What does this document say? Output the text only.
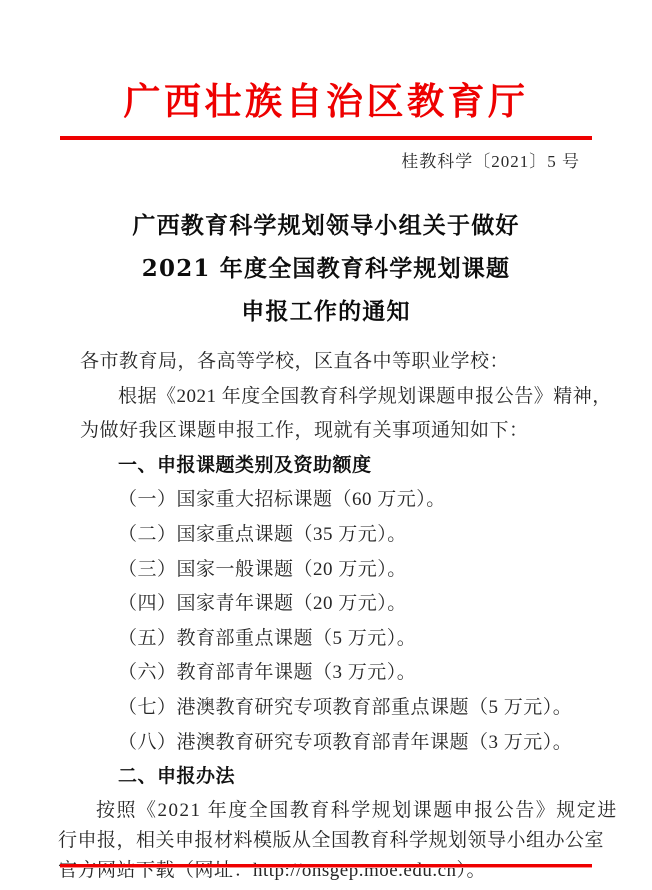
广西壮族自治区教育厅
桂教科学〔2021〕5 号
广西教育科学规划领导小组关于做好
2021 年度全国教育科学规划课题
申报工作的通知
各市教育局，各高等学校，区直各中等职业学校：
根据《2021 年度全国教育科学规划课题申报公告》精神，
为做好我区课题申报工作，现就有关事项通知如下：
一、申报课题类别及资助额度
（一）国家重大招标课题（60 万元）。
（二）国家重点课题（35 万元）。
（三）国家一般课题（20 万元）。
（四）国家青年课题（20 万元）。
（五）教育部重点课题（5 万元）。
（六）教育部青年课题（3 万元）。
（七）港澳教育研究专项教育部重点课题（5 万元）。
（八）港澳教育研究专项教育部青年课题（3 万元）。
二、申报办法
按照《2021 年度全国教育科学规划课题申报公告》规定进
行申报，相关申报材料模版从全国教育科学规划领导小组办公室
官方网站下载（网址：http://onsgep.moe.edu.cn）。
